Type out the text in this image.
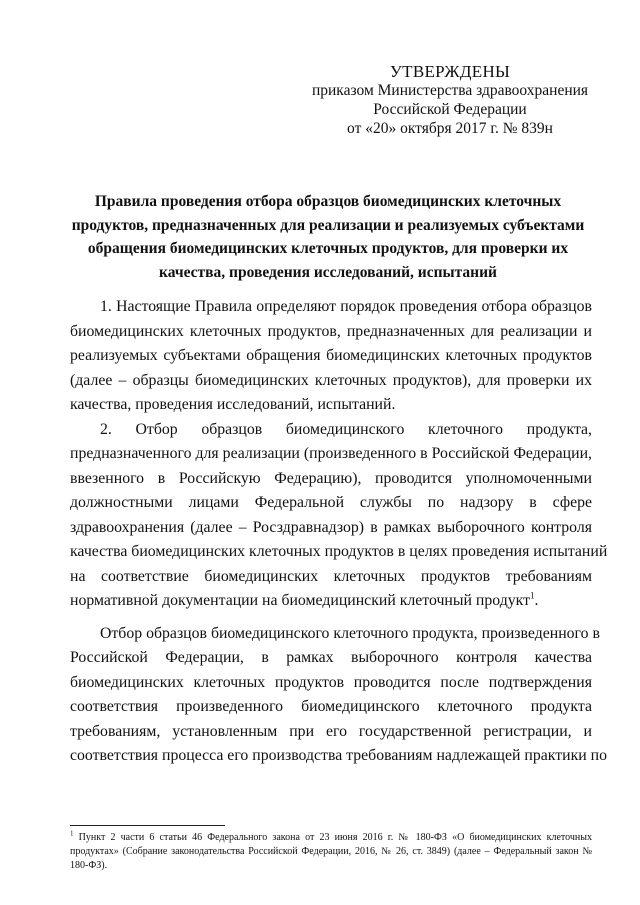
УТВЕРЖДЕНЫ
приказом Министерства здравоохранения
Российской Федерации
от «20» октября 2017 г. № 839н
Правила проведения отбора образцов биомедицинских клеточных
продуктов, предназначенных для реализации и реализуемых субъектами
обращения биомедицинских клеточных продуктов, для проверки их
качества, проведения исследований, испытаний

1. Настоящие Правила определяют порядок проведения отбора образцов
биомедицинских клеточных продуктов, предназначенных для реализации и
реализуемых субъектами обращения биомедицинских клеточных продуктов
(далее – образцы биомедицинских клеточных продуктов), для проверки их
качества, проведения исследований, испытаний.

2. Отбор образцов биомедицинского клеточного продукта,
предназначенного для реализации (произведенного в Российской Федерации,
ввезенного в Российскую Федерацию), проводится уполномоченными
должностными лицами Федеральной службы по надзору в сфере
здравоохранения (далее – Росздравнадзор) в рамках выборочного контроля
качества биомедицинских клеточных продуктов в целях проведения испытаний
на соответствие биомедицинских клеточных продуктов требованиям
нормативной документации на биомедицинский клеточный продукт$^1$.

Отбор образцов биомедицинского клеточного продукта, произведенного в
Российской Федерации, в рамках выборочного контроля качества
биомедицинских клеточных продуктов проводится после подтверждения
соответствия произведенного биомедицинского клеточного продукта
требованиям, установленным при его государственной регистрации, и
соответствия процесса его производства требованиям надлежащей практики по

$^1$ Пункт 2 части 6 статьи 46 Федерального закона от 23 июня 2016 г. № 180-ФЗ «О биомедицинских клеточных продуктах» (Собрание законодательства Российской Федерации, 2016, № 26, ст. 3849) (далее – Федеральный закон № 180-ФЗ).
